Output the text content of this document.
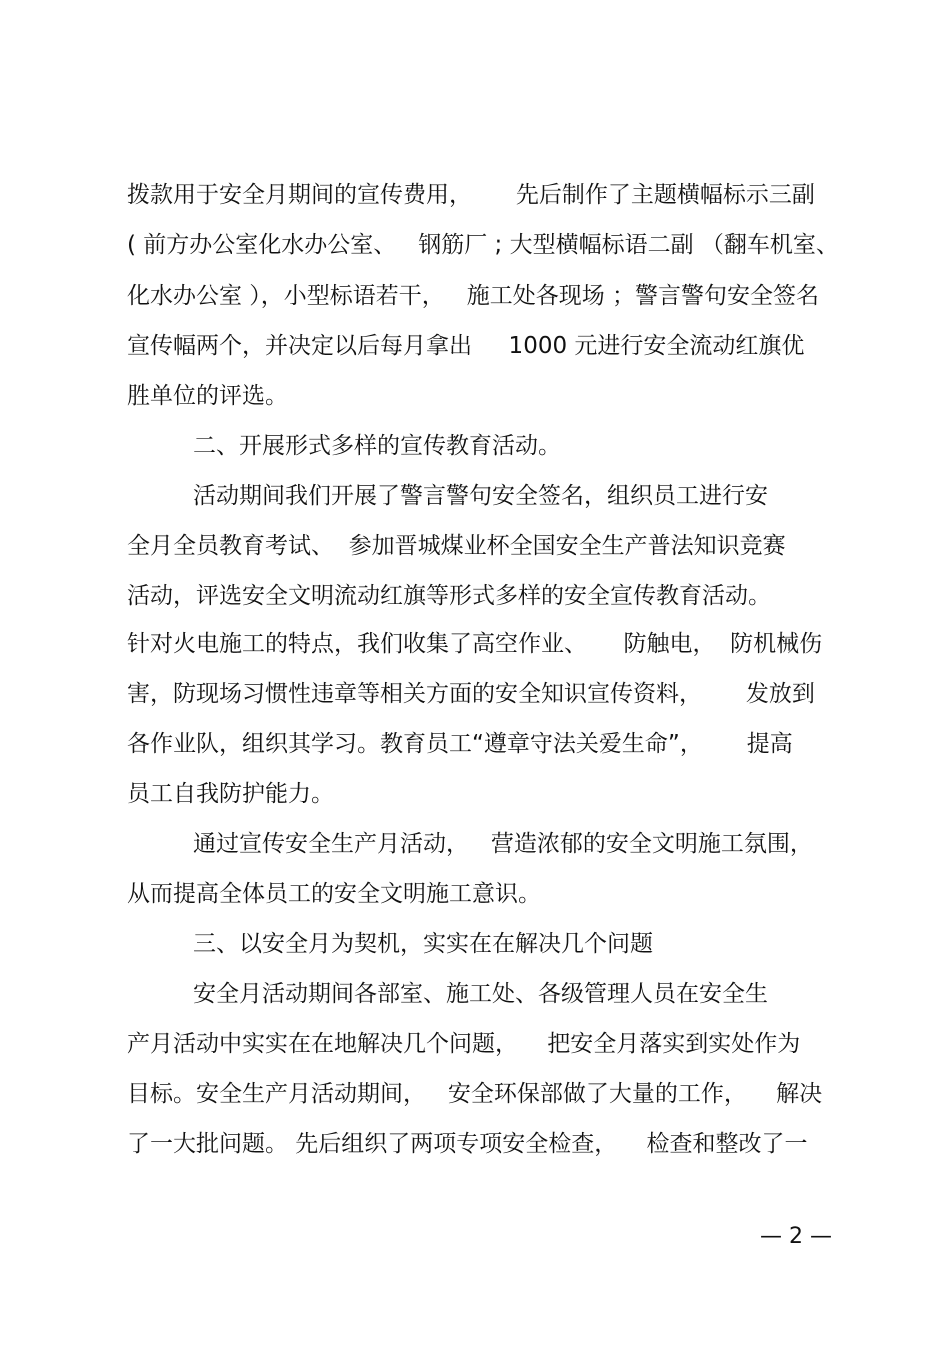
拨款用于安全月期间的宣传费用，      先后制作了主题横幅标示三副
( 前方办公室化水办公室、   钢筋厂 ; 大型横幅标语二副 （翻车机室、
化水办公室 ），小型标语若干，   施工处各现场 ；警言警句安全签名
宣传幅两个，并决定以后每月拿出     1000 元进行安全流动红旗优
胜单位的评选。
二、开展形式多样的宣传教育活动。
活动期间我们开展了警言警句安全签名，组织员工进行安
全月全员教育考试、  参加晋城煤业杯全国安全生产普法知识竞赛
活动，评选安全文明流动红旗等形式多样的安全宣传教育活动。
针对火电施工的特点，我们收集了高空作业、     防触电，  防机械伤
害，防现场习惯性违章等相关方面的安全知识宣传资料，      发放到
各作业队，组织其学习。教育员工“遵章守法关爱生命”，      提高
员工自我防护能力。
通过宣传安全生产月活动，   营造浓郁的安全文明施工氛围，
从而提高全体员工的安全文明施工意识。
三、以安全月为契机，实实在在解决几个问题
安全月活动期间各部室、施工处、各级管理人员在安全生
产月活动中实实在在地解决几个问题，    把安全月落实到实处作为
目标。安全生产月活动期间，   安全环保部做了大量的工作，    解决
了一大批问题。 先后组织了两项专项安全检查，    检查和整改了一
— 2 —
